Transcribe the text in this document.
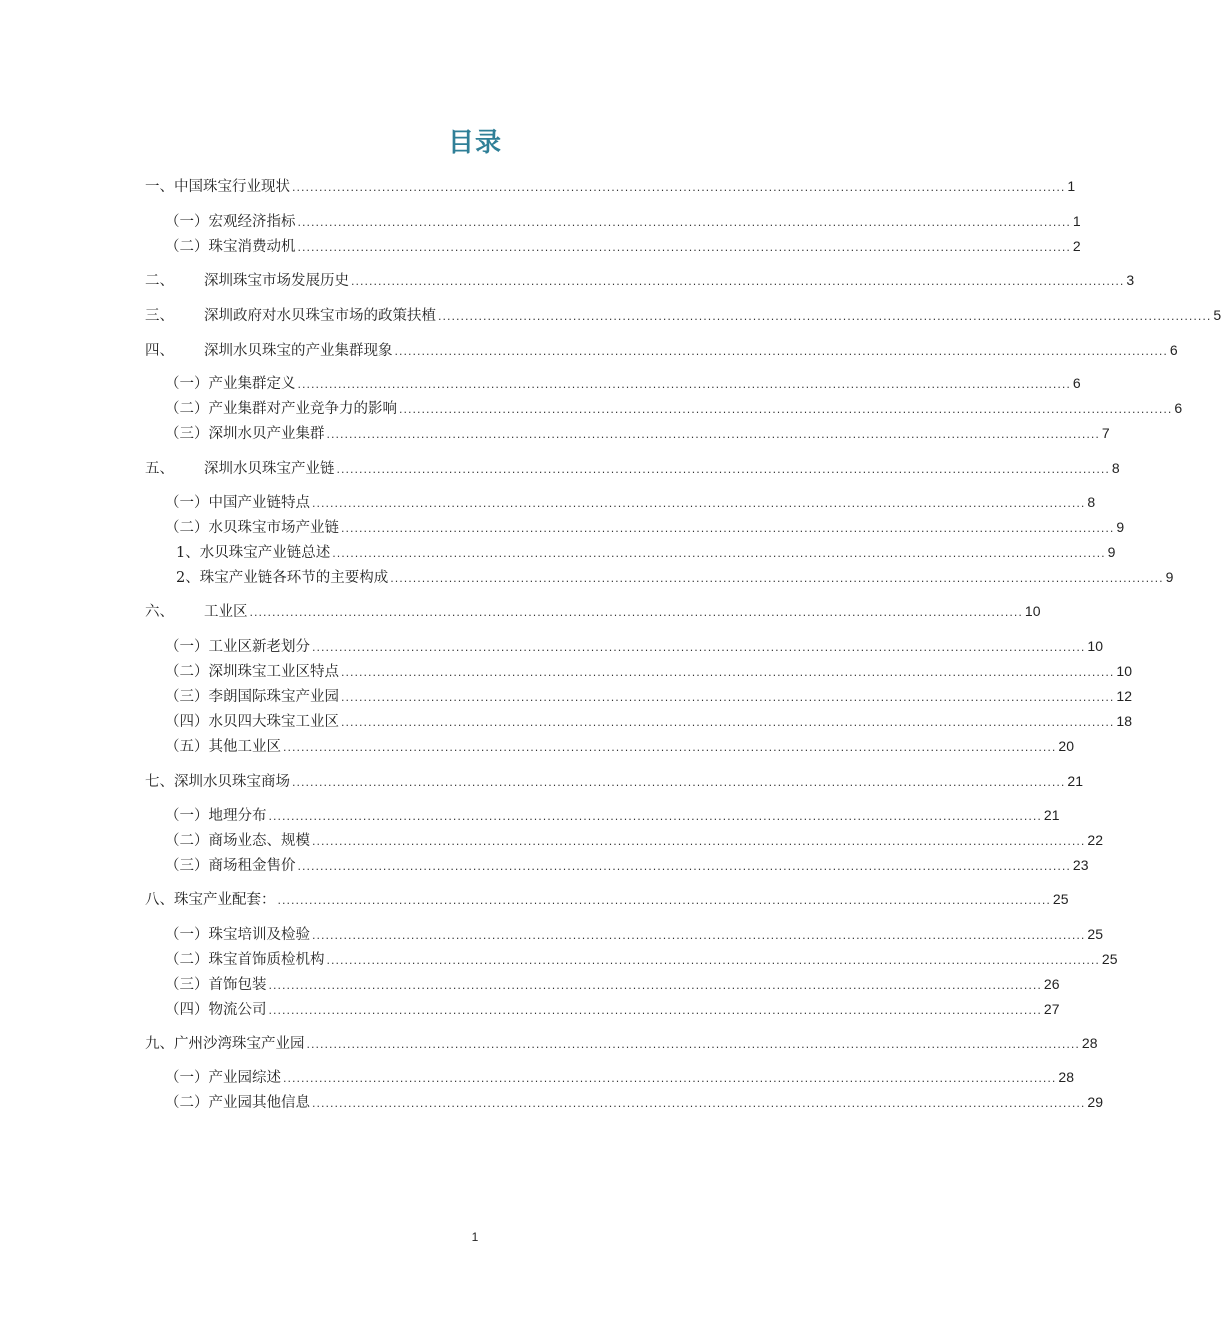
目录
一、中国珠宝行业现状 ............................................................................................................................................................................ 1
（一）宏观经济指标 ............................................................................................................................................................................ 1
（二）珠宝消费动机 ............................................................................................................................................................................ 2
二、 深圳珠宝市场发展历史 ............................................................................................................................................................................ 3
三、 深圳政府对水贝珠宝市场的政策扶植 ............................................................................................................................................................................ 5
四、 深圳水贝珠宝的产业集群现象 ............................................................................................................................................................................ 6
（一）产业集群定义 ............................................................................................................................................................................ 6
（二）产业集群对产业竞争力的影响 ............................................................................................................................................................................ 6
（三）深圳水贝产业集群 ............................................................................................................................................................................ 7
五、 深圳水贝珠宝产业链 ............................................................................................................................................................................ 8
（一）中国产业链特点 ............................................................................................................................................................................ 8
（二）水贝珠宝市场产业链 ............................................................................................................................................................................ 9
1、水贝珠宝产业链总述 ............................................................................................................................................................................ 9
2、珠宝产业链各环节的主要构成 ............................................................................................................................................................................ 9
六、 工业区 ............................................................................................................................................................................ 10
（一）工业区新老划分 ............................................................................................................................................................................ 10
（二）深圳珠宝工业区特点 ............................................................................................................................................................................ 10
（三）李朗国际珠宝产业园 ............................................................................................................................................................................ 12
（四）水贝四大珠宝工业区 ............................................................................................................................................................................ 18
（五）其他工业区 ............................................................................................................................................................................ 20
七、深圳水贝珠宝商场 ............................................................................................................................................................................ 21
（一）地理分布 ............................................................................................................................................................................ 21
（二）商场业态、规模 ............................................................................................................................................................................ 22
（三）商场租金售价 ............................................................................................................................................................................ 23
八、珠宝产业配套： ............................................................................................................................................................................ 25
（一）珠宝培训及检验 ............................................................................................................................................................................ 25
（二）珠宝首饰质检机构 ............................................................................................................................................................................ 25
（三）首饰包装 ............................................................................................................................................................................ 26
（四）物流公司 ............................................................................................................................................................................ 27
九、广州沙湾珠宝产业园 ............................................................................................................................................................................ 28
（一）产业园综述 ............................................................................................................................................................................ 28
（二）产业园其他信息 ............................................................................................................................................................................ 29
1
